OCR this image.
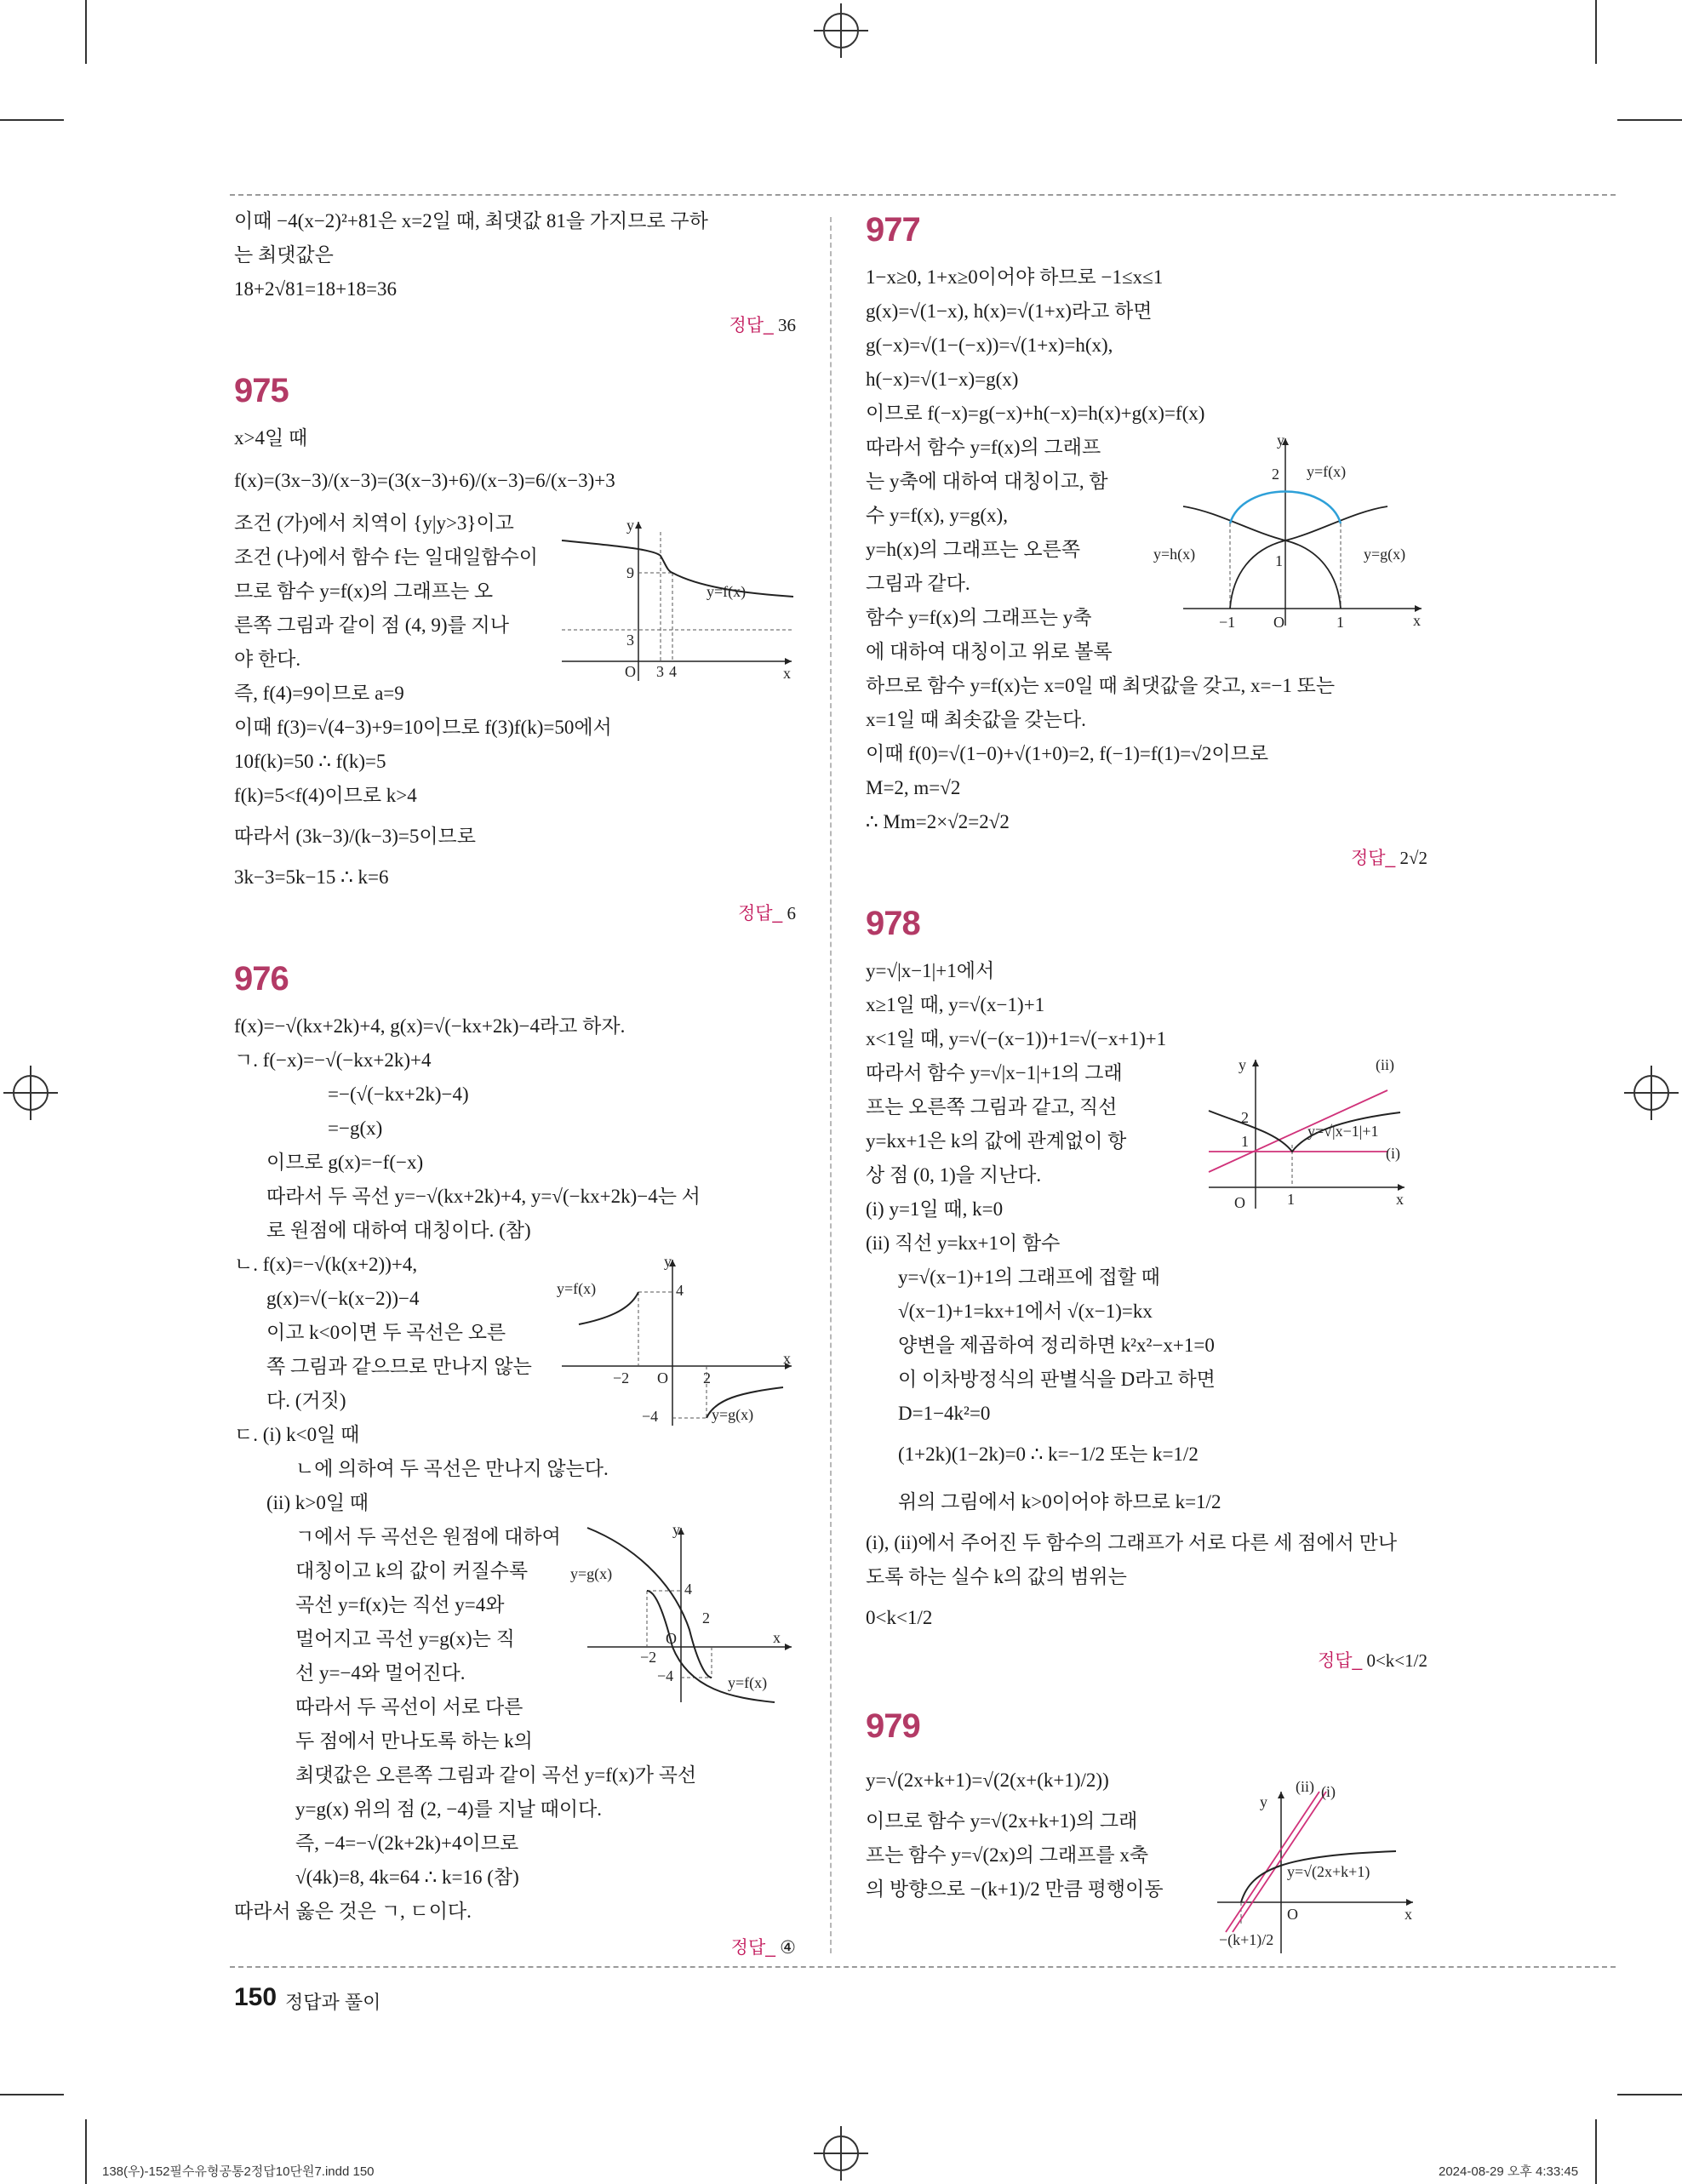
이때 −4(x−2)²+81은 x=2일 때, 최댓값 81을 가지므로 구하
는 최댓값은
18+2√81=18+18=36
정답_ 36
975
x>4일 때
f(x)=(3x−3)/(x−3)=(3(x−3)+6)/(x−3)=6/(x−3)+3
조건 (가)에서 치역이 {y|y>3}이고
조건 (나)에서 함수 f는 일대일함수이
므로 함수 y=f(x)의 그래프는 오
른쪽 그림과 같이 점 (4, 9)를 지나
야 한다.
즉, f(4)=9이므로 a=9
이때 f(3)=√(4−3)+9=10이므로 f(3)f(k)=50에서
10f(k)=50 ∴ f(k)=5
f(k)=5<f(4)이므로 k>4
따라서 (3k−3)/(k−3)=5이므로
3k−3=5k−15 ∴ k=6
정답_ 6
976
f(x)=−√(kx+2k)+4, g(x)=√(−kx+2k)−4라고 하자.
ㄱ. f(−x)=−√(−kx+2k)+4
=−(√(−kx+2k)−4)
=−g(x)
이므로 g(x)=−f(−x)
따라서 두 곡선 y=−√(kx+2k)+4, y=√(−kx+2k)−4는 서
로 원점에 대하여 대칭이다. (참)
ㄴ. f(x)=−√(k(x+2))+4,
g(x)=√(−k(x−2))−4
이고 k<0이면 두 곡선은 오른
쪽 그림과 같으므로 만나지 않는
다. (거짓)
ㄷ. (i) k<0일 때
ㄴ에 의하여 두 곡선은 만나지 않는다.
(ii) k>0일 때
ㄱ에서 두 곡선은 원점에 대하여
대칭이고 k의 값이 커질수록
곡선 y=f(x)는 직선 y=4와
멀어지고 곡선 y=g(x)는 직
선 y=−4와 멀어진다.
따라서 두 곡선이 서로 다른
두 점에서 만나도록 하는 k의
최댓값은 오른쪽 그림과 같이 곡선 y=f(x)가 곡선
y=g(x) 위의 점 (2, −4)를 지날 때이다.
즉, −4=−√(2k+2k)+4이므로
√(4k)=8, 4k=64 ∴ k=16 (참)
따라서 옳은 것은 ㄱ, ㄷ이다.
정답_ ④
y
x
O
9
3
3 4
y=f(x)
y
x
O
4
−4
−2	2
y=f(x)
y=g(x)
y
x
O
4
−4
−2
2
y=f(x)
y=g(x)
977
1−x≥0, 1+x≥0이어야 하므로 −1≤x≤1
g(x)=√(1−x), h(x)=√(1+x)라고 하면
g(−x)=√(1−(−x))=√(1+x)=h(x),
h(−x)=√(1−x)=g(x)
이므로 f(−x)=g(−x)+h(−x)=h(x)+g(x)=f(x)
따라서 함수 y=f(x)의 그래프
는 y축에 대하여 대칭이고, 함
수 y=f(x), y=g(x),
y=h(x)의 그래프는 오른쪽
그림과 같다.
함수 y=f(x)의 그래프는 y축
에 대하여 대칭이고 위로 볼록
하므로 함수 y=f(x)는 x=0일 때 최댓값을 갖고, x=−1 또는
x=1일 때 최솟값을 갖는다.
이때 f(0)=√(1−0)+√(1+0)=2, f(−1)=f(1)=√2이므로
M=2, m=√2
∴ Mm=2×√2=2√2
정답_ 2√2
978
y=√|x−1|+1에서
x≥1일 때, y=√(x−1)+1
x<1일 때, y=√(−(x−1))+1=√(−x+1)+1
따라서 함수 y=√|x−1|+1의 그래
프는 오른쪽 그림과 같고, 직선
y=kx+1은 k의 값에 관계없이 항
상 점 (0, 1)을 지난다.
(i) y=1일 때, k=0
(ii) 직선 y=kx+1이 함수
y=√(x−1)+1의 그래프에 접할 때
√(x−1)+1=kx+1에서 √(x−1)=kx
양변을 제곱하여 정리하면 k²x²−x+1=0
이 이차방정식의 판별식을 D라고 하면
D=1−4k²=0
(1+2k)(1−2k)=0 ∴ k=−1/2 또는 k=1/2
위의 그림에서 k>0이어야 하므로 k=1/2
(i), (ii)에서 주어진 두 함수의 그래프가 서로 다른 세 점에서 만나
도록 하는 실수 k의 값의 범위는
0<k<1/2
정답_ 0<k<1/2
979
y=√(2x+k+1)=√(2(x+(k+1)/2))
이므로 함수 y=√(2x+k+1)의 그래
프는 함수 y=√(2x)의 그래프를 x축
의 방향으로 −(k+1)/2 만큼 평행이동
y
x
O
2
1
−1	1
y=f(x)
y=g(x)
y=h(x)
y
x
O
2
1
1
(ii)
(i)
y=√|x−1|+1
y
x
O
(ii) (i)
y=√(2x+k+1)
−(k+1)/2
150 정답과 풀이
138(우)-152필수유형공통2정답10단원7.indd 150	2024-08-29 오후 4:33:45
